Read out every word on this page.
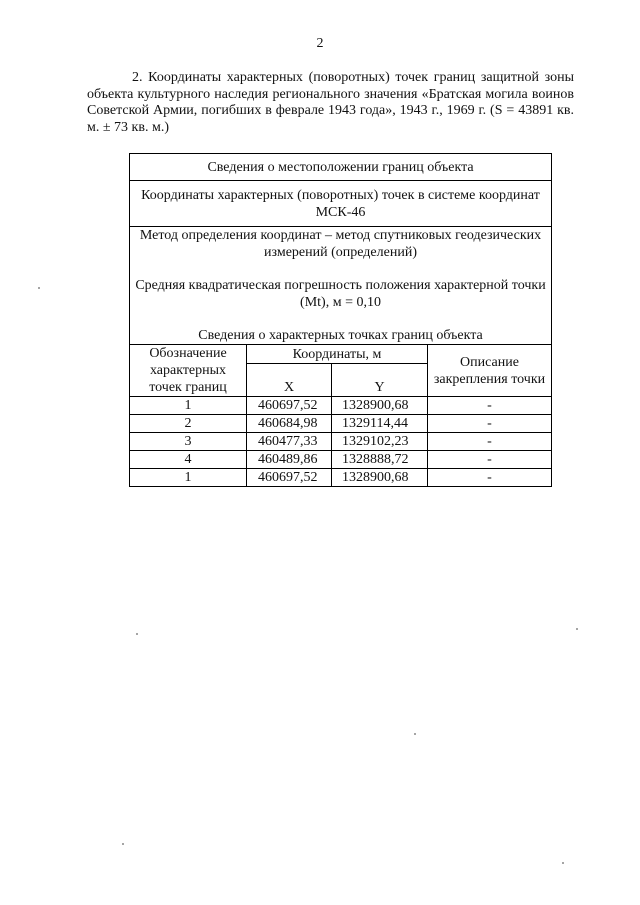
2

2. Координаты характерных (поворотных) точек границ защитной зоны объекта культурного наследия регионального значения «Братская могила воинов Советской Армии, погибших в феврале 1943 года», 1943 г., 1969 г. (S = 43891 кв. м. ± 73 кв. м.)

Сведения о местоположении границ объекта			
Координаты характерных (поворотных) точек в системе координат МСК-46			

Метод определения координат – метод спутниковых геодезических измерений (определений)

Средняя квадратическая погрешность положения характерной точки (Mt), м = 0,10

Сведения о характерных точках границ объекта			

Обозначение характерных точек границ	Координаты, м		Описание закрепления точки
	X	Y	
1	460697,52	1328900,68	-
2	460684,98	1329114,44	-
3	460477,33	1329102,23	-
4	460489,86	1328888,72	-
1	460697,52	1328900,68	-
